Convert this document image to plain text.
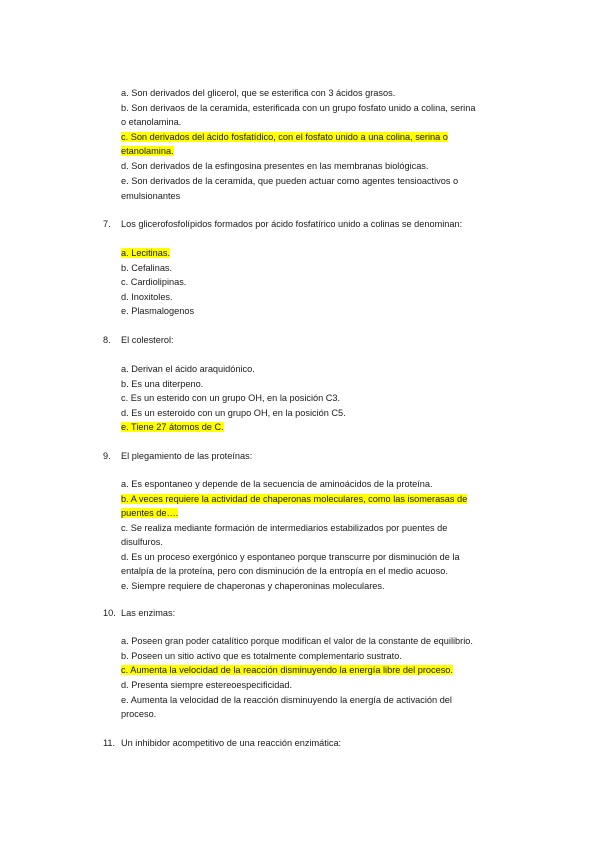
a. Son derivados del glicerol, que se esterifica con 3 ácidos grasos.
b. Son derivaos de la ceramida, esterificada con un grupo fosfato unido a colina, serina
o etanolamina.
c. Son derivados del ácido fosfatídico, con el fosfato unido a una colina, serina o
etanolamina.
d. Son derivados de la esfingosina presentes en las membranas biológicas.
e. Son derivados de la ceramida, que pueden actuar como agentes tensioactivos o
emulsionantes
7. Los glicerofosfolípidos formados por ácido fosfatírico unido a colinas se denominan:
a. Lecitinas.
b. Cefalinas.
c. Cardiolipinas.
d. Inoxitoles.
e. Plasmalogenos
8. El colesterol:
a. Derivan el ácido araquidónico.
b. Es una diterpeno.
c. Es un esterido con un grupo OH, en la posición C3.
d. Es un esteroido con un grupo OH, en la posición C5.
e. Tiene 27 átomos de C.
9. El plegamiento de las proteínas:
a. Es espontaneo y depende de la secuencia de aminoácidos de la proteína.
b. A veces requiere la actividad de chaperonas moleculares, como las isomerasas de
puentes de….
c. Se realiza mediante formación de intermediarios estabilizados por puentes de
disulfuros.
d. Es un proceso exergónico y espontaneo porque transcurre por disminución de la
entalpía de la proteína, pero con disminución de la entropía en el medio acuoso.
e. Siempre requiere de chaperonas y chaperoninas moleculares.
10. Las enzimas:
a. Poseen gran poder catalítico porque modifican el valor de la constante de equilibrio.
b. Poseen un sitio activo que es totalmente complementario sustrato.
c. Aumenta la velocidad de la reacción disminuyendo la energía libre del proceso.
d. Presenta siempre estereoespecificidad.
e. Aumenta la velocidad de la reacción disminuyendo la energía de activación del
proceso.
11. Un inhibidor acompetitivo de una reacción enzimática:
